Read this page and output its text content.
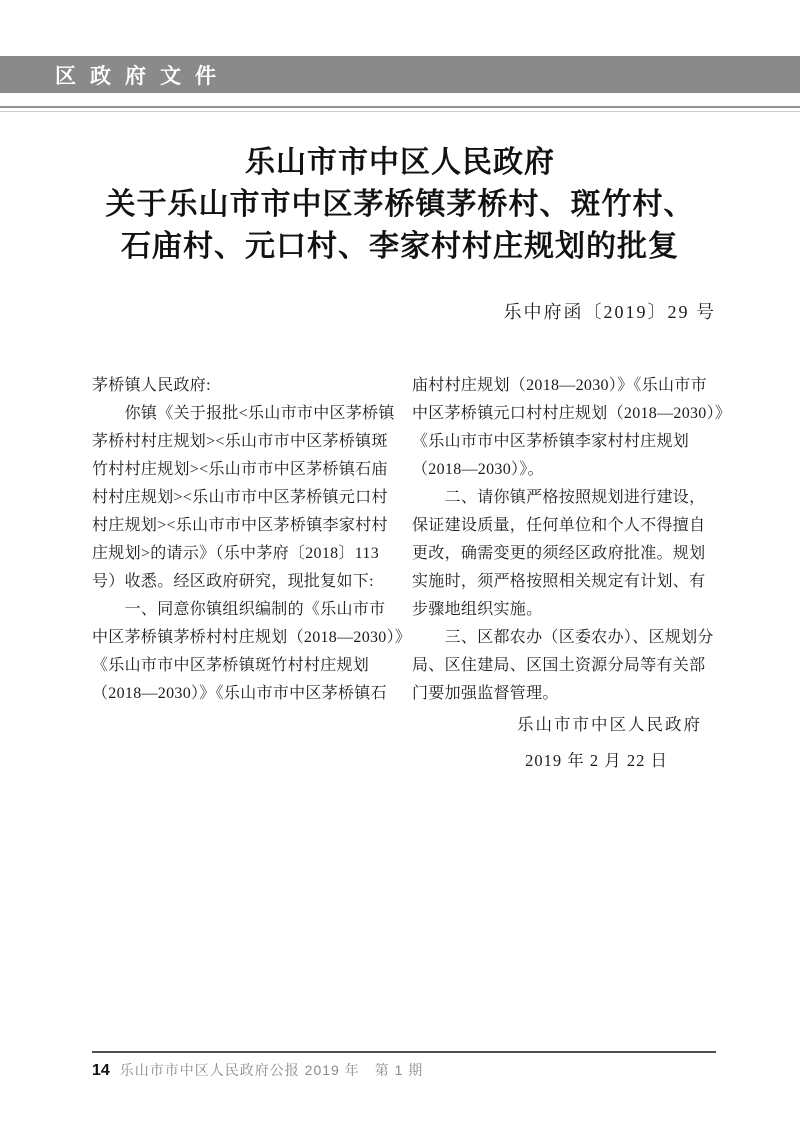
区政府文件
乐山市市中区人民政府
关于乐山市市中区茅桥镇茅桥村、斑竹村、
石庙村、元口村、李家村村庄规划的批复
乐中府函〔2019〕29 号
茅桥镇人民政府:
　　你镇《关于报批<乐山市市中区茅桥镇
茅桥村村庄规划><乐山市市中区茅桥镇斑
竹村村庄规划><乐山市市中区茅桥镇石庙
村村庄规划><乐山市市中区茅桥镇元口村
村庄规划><乐山市市中区茅桥镇李家村村
庄规划>的请示》（乐中茅府〔2018〕113
号）收悉。经区政府研究，现批复如下:
　　一、同意你镇组织编制的《乐山市市
中区茅桥镇茅桥村村庄规划（2018—2030）》
《乐山市市中区茅桥镇斑竹村村庄规划
（2018—2030）》《乐山市市中区茅桥镇石
庙村村庄规划（2018—2030）》《乐山市市
中区茅桥镇元口村村庄规划（2018—2030）》
《乐山市市中区茅桥镇李家村村庄规划
（2018—2030）》。
　　二、请你镇严格按照规划进行建设，
保证建设质量，任何单位和个人不得擅自
更改，确需变更的须经区政府批准。规划
实施时，须严格按照相关规定有计划、有
步骤地组织实施。
　　三、区都农办（区委农办）、区规划分
局、区住建局、区国土资源分局等有关部
门要加强监督管理。
乐山市市中区人民政府
2019 年 2 月 22 日
14 乐山市市中区人民政府公报 2019 年　第 1 期
